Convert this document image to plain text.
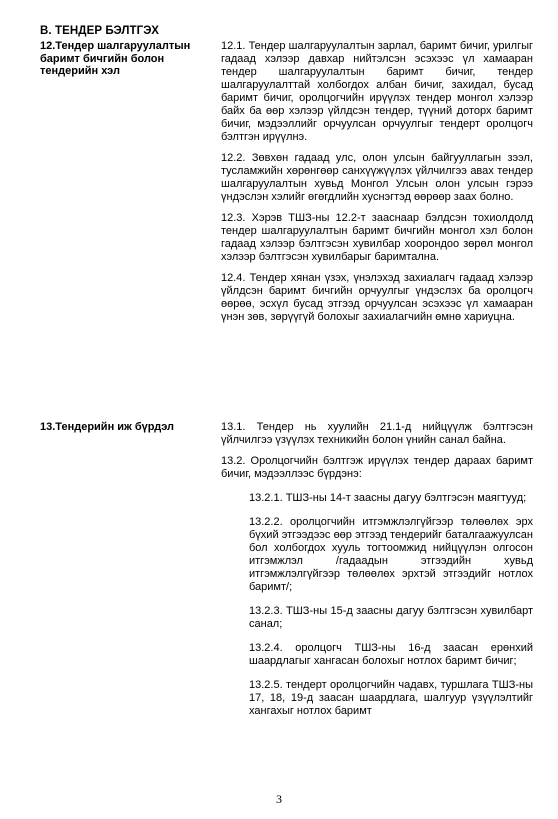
В. ТЕНДЕР БЭЛТГЭХ
12.Тендер шалгаруулалтын баримт бичгийн болон тендерийн хэл

12.1. Тендер шалгаруулалтын зарлал, баримт бичиг, урилгыг гадаад хэлээр давхар нийтэлсэн эсэхээс үл хамааран тендер шалгаруулалтын баримт бичиг, тендер шалгаруулалттай холбогдох албан бичиг, захидал, бусад баримт бичиг, оролцогчийн ирүүлэх тендер монгол хэлээр байх ба өөр хэлээр үйлдсэн тендер, түүний доторх баримт бичиг, мэдээллийг орчуулсан орчуулгыг тендерт оролцогч бэлтгэн ирүүлнэ.

12.2. Зөвхөн гадаад улс, олон улсын байгууллагын зээл, тусламжийн хөрөнгөөр санхүүжүүлэх үйлчилгээ авах тендер шалгаруулалтын хувьд Монгол Улсын олон улсын гэрээ үндэслэн хэлийг өгөгдлийн хуснэгтэд өөрөөр заах болно.

12.3. Хэрэв ТШЗ-ны 12.2-т зааснаар бэлдсэн тохиолдолд тендер шалгаруулалтын баримт бичгийн монгол хэл болон гадаад хэлээр бэлтгэсэн хувилбар хоорондоо зөрөл монгол хэлээр бэлтгэсэн хувилбарыг баримтална.

12.4. Тендер хянан үзэх, үнэлэхэд захиалагч гадаад хэлээр үйлдсэн баримт бичгийн орчуулгыг үндэслэх ба оролцогч өөрөө, эсхүл бусад этгээд орчуулсан эсэхээс үл хамааран үнэн зөв, зөрүүгүй болохыг захиалагчийн өмнө хариуцна.

13.Тендерийн иж бүрдэл	13.1. Тендер нь хуулийн 21.1-д нийцүүлж бэлтгэсэн үйлчилгээ үзүүлэх техникийн болон үнийн санал байна.

13.2. Оролцогчийн бэлтгэж ирүүлэх тендер дараах баримт бичиг, мэдээллээс бүрдэнэ:

13.2.1. ТШЗ-ны 14-т заасны дагуу бэлтгэсэн маягтууд;

13.2.2. оролцогчийн итгэмжлэлгүйгээр төлөөлөх эрх бүхий этгээдээс өөр этгээд тендерийг баталгаажуулсан бол холбогдох хууль тогтоомжид нийцүүлэн олгосон итгэмжлэл /гадаадын этгээдийн хувьд итгэмжлэлгүйгээр төлөөлөх эрхтэй этгээдийг нотлох баримт/;

13.2.3. ТШЗ-ны 15-д заасны дагуу бэлтгэсэн хувилбарт санал;

13.2.4. оролцогч ТШЗ-ны 16-д заасан ерөнхий шаардлагыг хангасан болохыг нотлох баримт бичиг;

13.2.5. тендерт оролцогчийн чадавх, туршлага ТШЗ-ны 17, 18, 19-д заасан шаардлага, шалгуур үзүүлэлтийг хангахыг нотлох баримт

3
